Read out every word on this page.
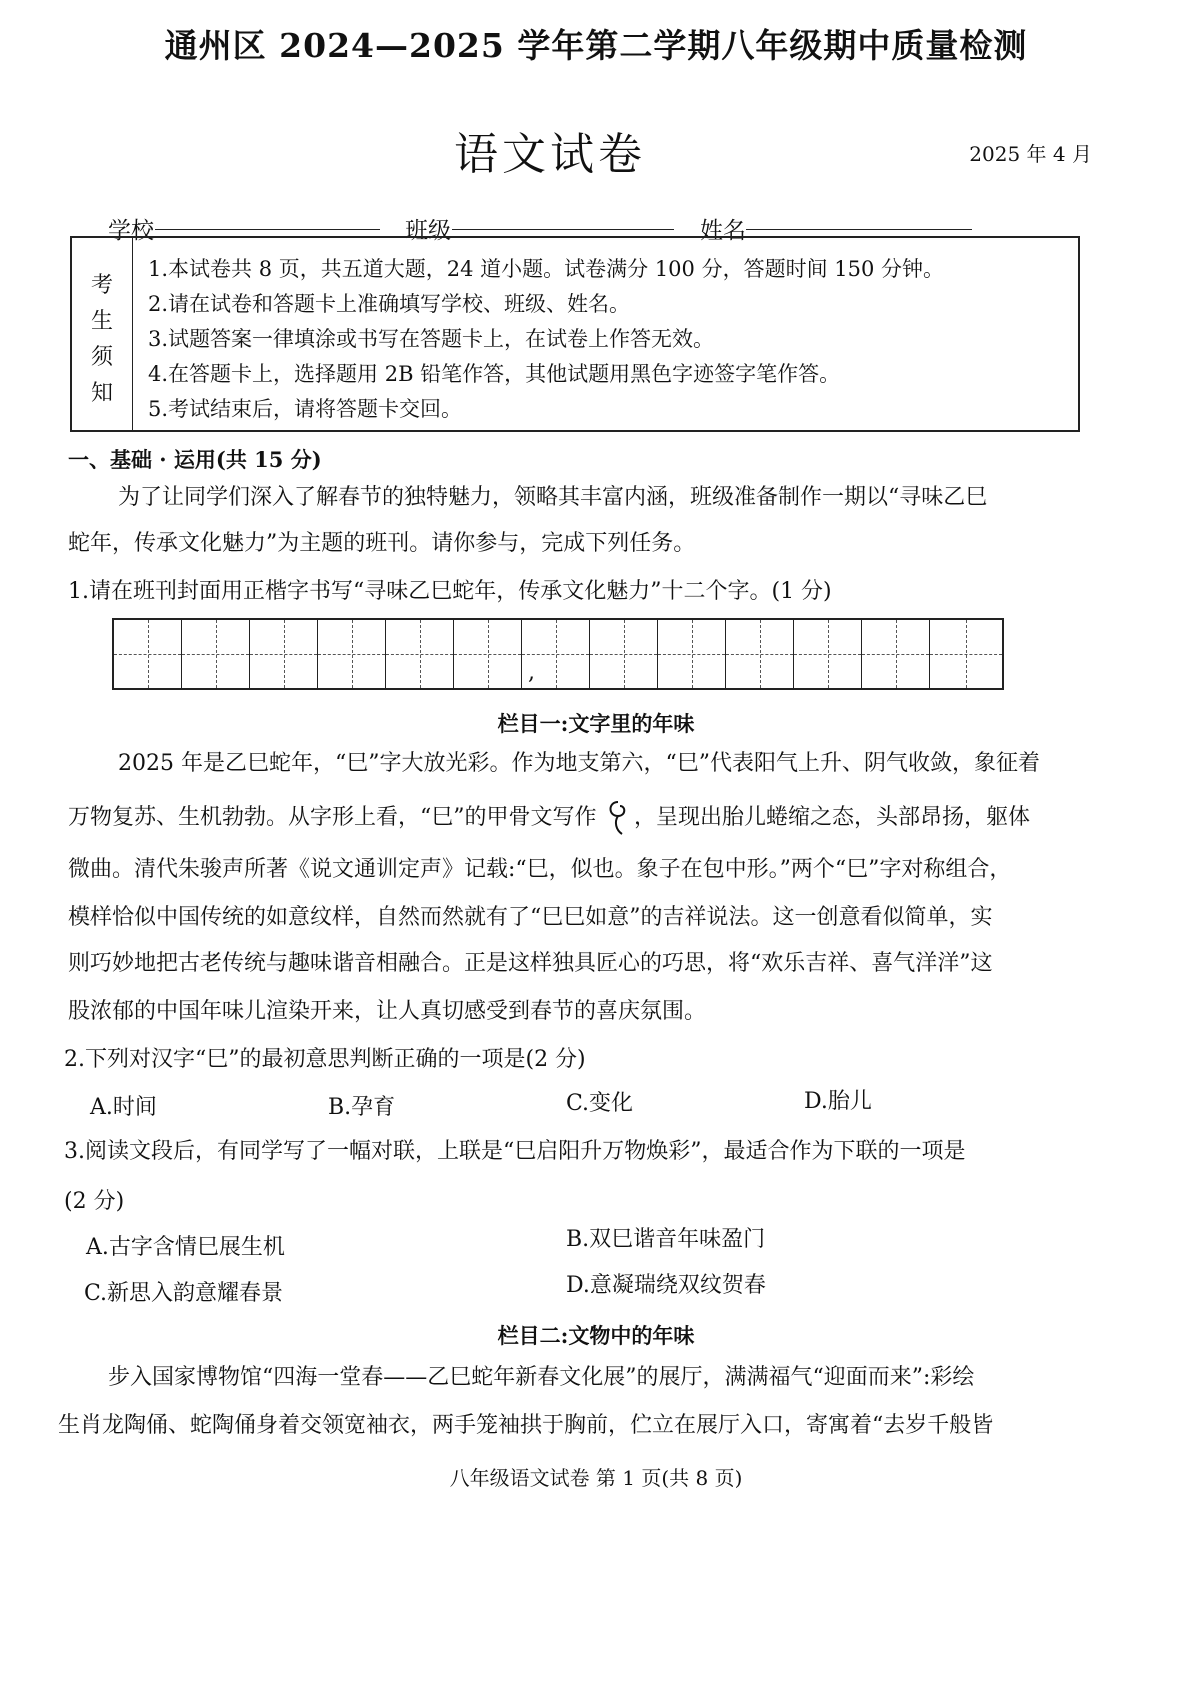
通州区 2024—2025 学年第二学期八年级期中质量检测
语文试卷	2025 年 4 月
学校	班级	姓名
考
生
须
知
1.本试卷共 8 页，共五道大题，24 道小题。试卷满分 100 分，答题时间 150 分钟。
2.请在试卷和答题卡上准确填写学校、班级、姓名。
3.试题答案一律填涂或书写在答题卡上，在试卷上作答无效。
4.在答题卡上，选择题用 2B 铅笔作答，其他试题用黑色字迹签字笔作答。
5.考试结束后，请将答题卡交回。
一、基础 · 运用(共 15 分)
为了让同学们深入了解春节的独特魅力，领略其丰富内涵，班级准备制作一期以“寻味乙巳
蛇年，传承文化魅力”为主题的班刊。请你参与，完成下列任务。
1.请在班刊封面用正楷字书写“寻味乙巳蛇年，传承文化魅力”十二个字。(1 分)
,
栏目一:文字里的年味
2025 年是乙巳蛇年，“巳”字大放光彩。作为地支第六，“巳”代表阳气上升、阴气收敛，象征着
万物复苏、生机勃勃。从字形上看，“巳”的甲骨文写作 ，呈现出胎儿蜷缩之态，头部昂扬，躯体
微曲。清代朱骏声所著《说文通训定声》记载:“巳，似也。象子在包中形。”两个“巳”字对称组合，
模样恰似中国传统的如意纹样，自然而然就有了“巳巳如意”的吉祥说法。这一创意看似简单，实
则巧妙地把古老传统与趣味谐音相融合。正是这样独具匠心的巧思，将“欢乐吉祥、喜气洋洋”这
股浓郁的中国年味儿渲染开来，让人真切感受到春节的喜庆氛围。
2.下列对汉字“巳”的最初意思判断正确的一项是(2 分)
A.时间	B.孕育	C.变化	D.胎儿
3.阅读文段后，有同学写了一幅对联，上联是“巳启阳升万物焕彩”，最适合作为下联的一项是
(2 分)
A.古字含情巳展生机	B.双巳谐音年味盈门
C.新思入韵意耀春景	D.意凝瑞绕双纹贺春
栏目二:文物中的年味
步入国家博物馆“四海一堂春——乙巳蛇年新春文化展”的展厅，满满福气“迎面而来”:彩绘
生肖龙陶俑、蛇陶俑身着交领宽袖衣，两手笼袖拱于胸前，伫立在展厅入口，寄寓着“去岁千般皆
八年级语文试卷 第 1 页(共 8 页)
